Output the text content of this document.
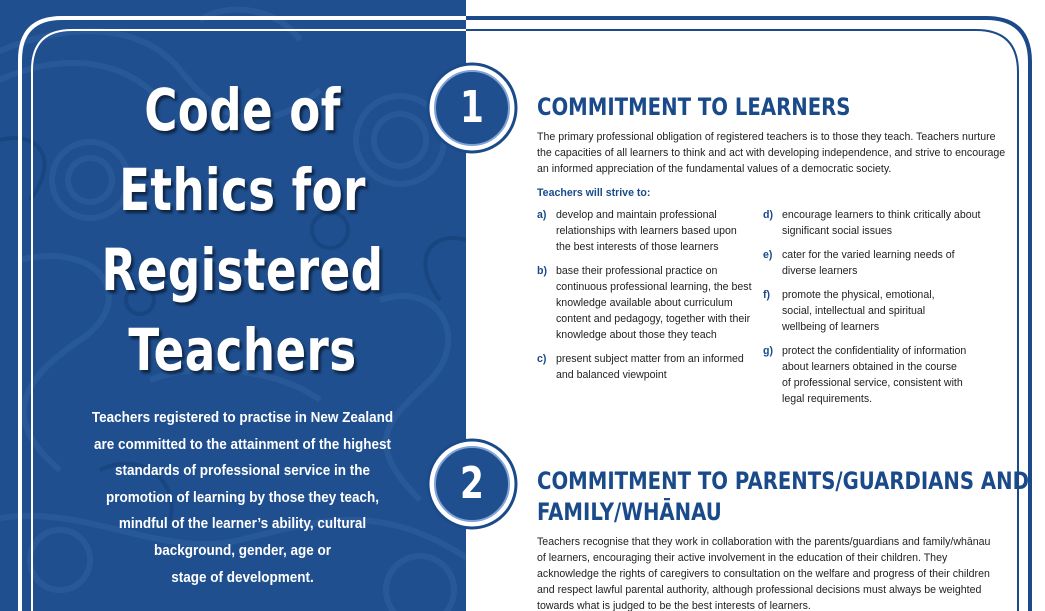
Code of
Ethics for
Registered
Teachers
Teachers registered to practise in New Zealand
are committed to the attainment of the highest
standards of professional service in the
promotion of learning by those they teach,
mindful of the learner’s ability, cultural
background, gender, age or
stage of development.
1
2
COMMITMENT TO LEARNERS
The primary professional obligation of registered teachers is to those they teach. Teachers nurture
the capacities of all learners to think and act with developing independence, and strive to encourage
an informed appreciation of the fundamental values of a democratic society.
Teachers will strive to:
a) develop and maintain professional
relationships with learners based upon
the best interests of those learners
b) base their professional practice on
continuous professional learning, the best
knowledge available about curriculum
content and pedagogy, together with their
knowledge about those they teach
c) present subject matter from an informed
and balanced viewpoint
d) encourage learners to think critically about
significant social issues
e) cater for the varied learning needs of
diverse learners
f) promote the physical, emotional,
social, intellectual and spiritual
wellbeing of learners
g) protect the confidentiality of information
about learners obtained in the course
of professional service, consistent with
legal requirements.
COMMITMENT TO PARENTS/GUARDIANS AND
FAMILY/WHĀNAU
Teachers recognise that they work in collaboration with the parents/guardians and family/whānau
of learners, encouraging their active involvement in the education of their children. They
acknowledge the rights of caregivers to consultation on the welfare and progress of their children
and respect lawful parental authority, although professional decisions must always be weighted
towards what is judged to be the best interests of learners.
